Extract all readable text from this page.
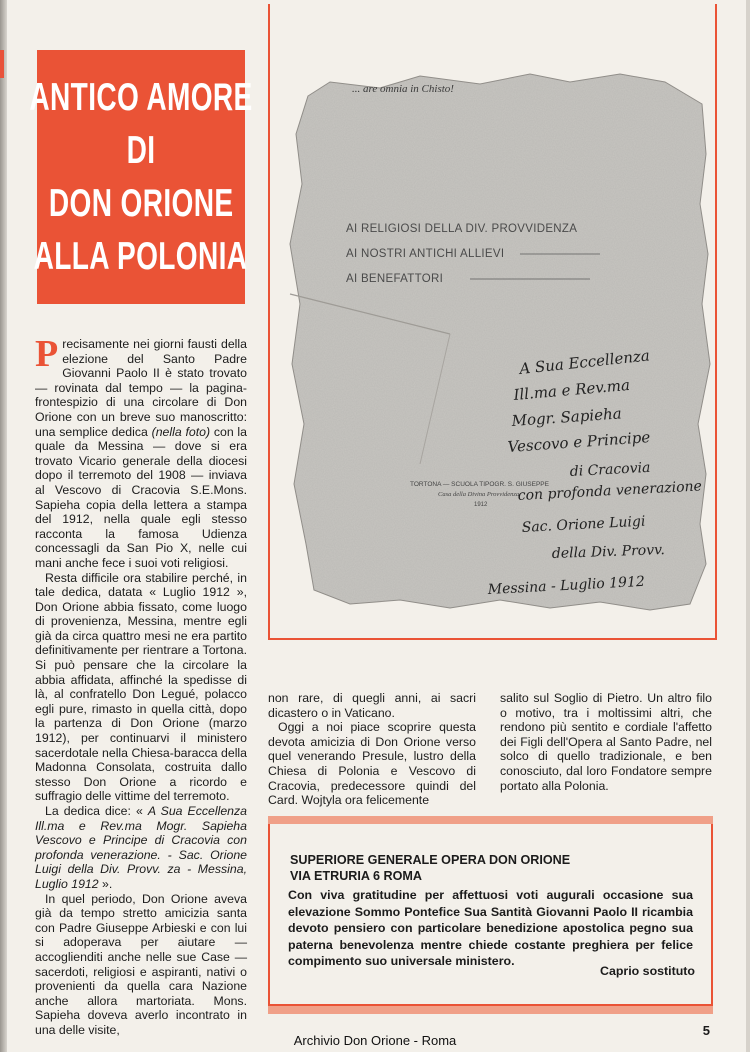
ANTICO AMORE
DI
DON ORIONE
ALLA POLONIA
... are omnia in Chisto!
AI RELIGIOSI DELLA DIV. PROVVIDENZA
AI NOSTRI ANTICHI ALLIEVI
AI BENEFATTORI
TORTONA — SCUOLA TIPOGR. S. GIUSEPPE
Casa della Divina Provvidenza
1912
A Sua Eccellenza
Ill.ma e Rev.ma
Mogr. Sapieha
Vescovo e Principe
di Cracovia
con profonda venerazione
Sac. Orione Luigi
della Div. Provv.
Messina - Luglio 1912

Precisamente nei giorni fausti della elezione del Santo Padre Giovanni Paolo II è stato trovato — rovinata dal tempo — la pagina-frontespizio di una circolare di Don Orione con un breve suo manoscritto: una semplice dedica (nella foto) con la quale da Messina — dove si era trovato Vicario generale della diocesi dopo il terremoto del 1908 — inviava al Vescovo di Cracovia S.E.Mons. Sapieha copia della lettera a stampa del 1912, nella quale egli stesso racconta la famosa Udienza concessagli da San Pio X, nelle cui mani anche fece i suoi voti religiosi.

Resta difficile ora stabilire perché, in tale dedica, datata « Luglio 1912 », Don Orione abbia fissato, come luogo di provenienza, Messina, mentre egli già da circa quattro mesi ne era partito definitivamente per rientrare a Tortona. Si può pensare che la circolare la abbia affidata, affinché la spedisse di là, al confratello Don Legué, polacco egli pure, rimasto in quella città, dopo la partenza di Don Orione (marzo 1912), per continuarvi il ministero sacerdotale nella Chiesa-baracca della Madonna Consolata, costruita dallo stesso Don Orione a ricordo e suffragio delle vittime del terremoto.

La dedica dice: « A Sua Eccellenza Ill.ma e Rev.ma Mogr. Sapieha Vescovo e Principe di Cracovia con profonda venerazione. - Sac. Orione Luigi della Div. Provv. za - Messina, Luglio 1912 ».

In quel periodo, Don Orione aveva già da tempo stretto amicizia santa con Padre Giuseppe Arbieski e con lui si adoperava per aiutare — accoglienditi anche nelle sue Case — sacerdoti, religiosi e aspiranti, nativi o provenienti da quella cara Nazione anche allora martoriata. Mons. Sapieha doveva averlo incontrato in una delle visite,

non rare, di quegli anni, ai sacri dicastero o in Vaticano.

Oggi a noi piace scoprire questa devota amicizia di Don Orione verso quel venerando Presule, lustro della Chiesa di Polonia e Vescovo di Cracovia, predecessore quindi del Card. Wojtyla ora felicemente

salito sul Soglio di Pietro. Un altro filo o motivo, tra i moltissimi altri, che rendono più sentito e cordiale l'affetto dei Figli dell'Opera al Santo Padre, nel solco di quello tradizionale, e ben conosciuto, dal loro Fondatore sempre portato alla Polonia.

SUPERIORE GENERALE OPERA DON ORIONE
VIA ETRURIA 6 ROMA
Con viva gratitudine per affettuosi voti augurali occasione sua elevazione Sommo Pontefice Sua Santità Giovanni Paolo II ricambia devoto pensiero con particolare benedizione apostolica pegno sua paterna benevolenza mentre chiede costante preghiera per felice compimento suo universale ministero.
Caprio sostituto
Archivio Don Orione - Roma
5
